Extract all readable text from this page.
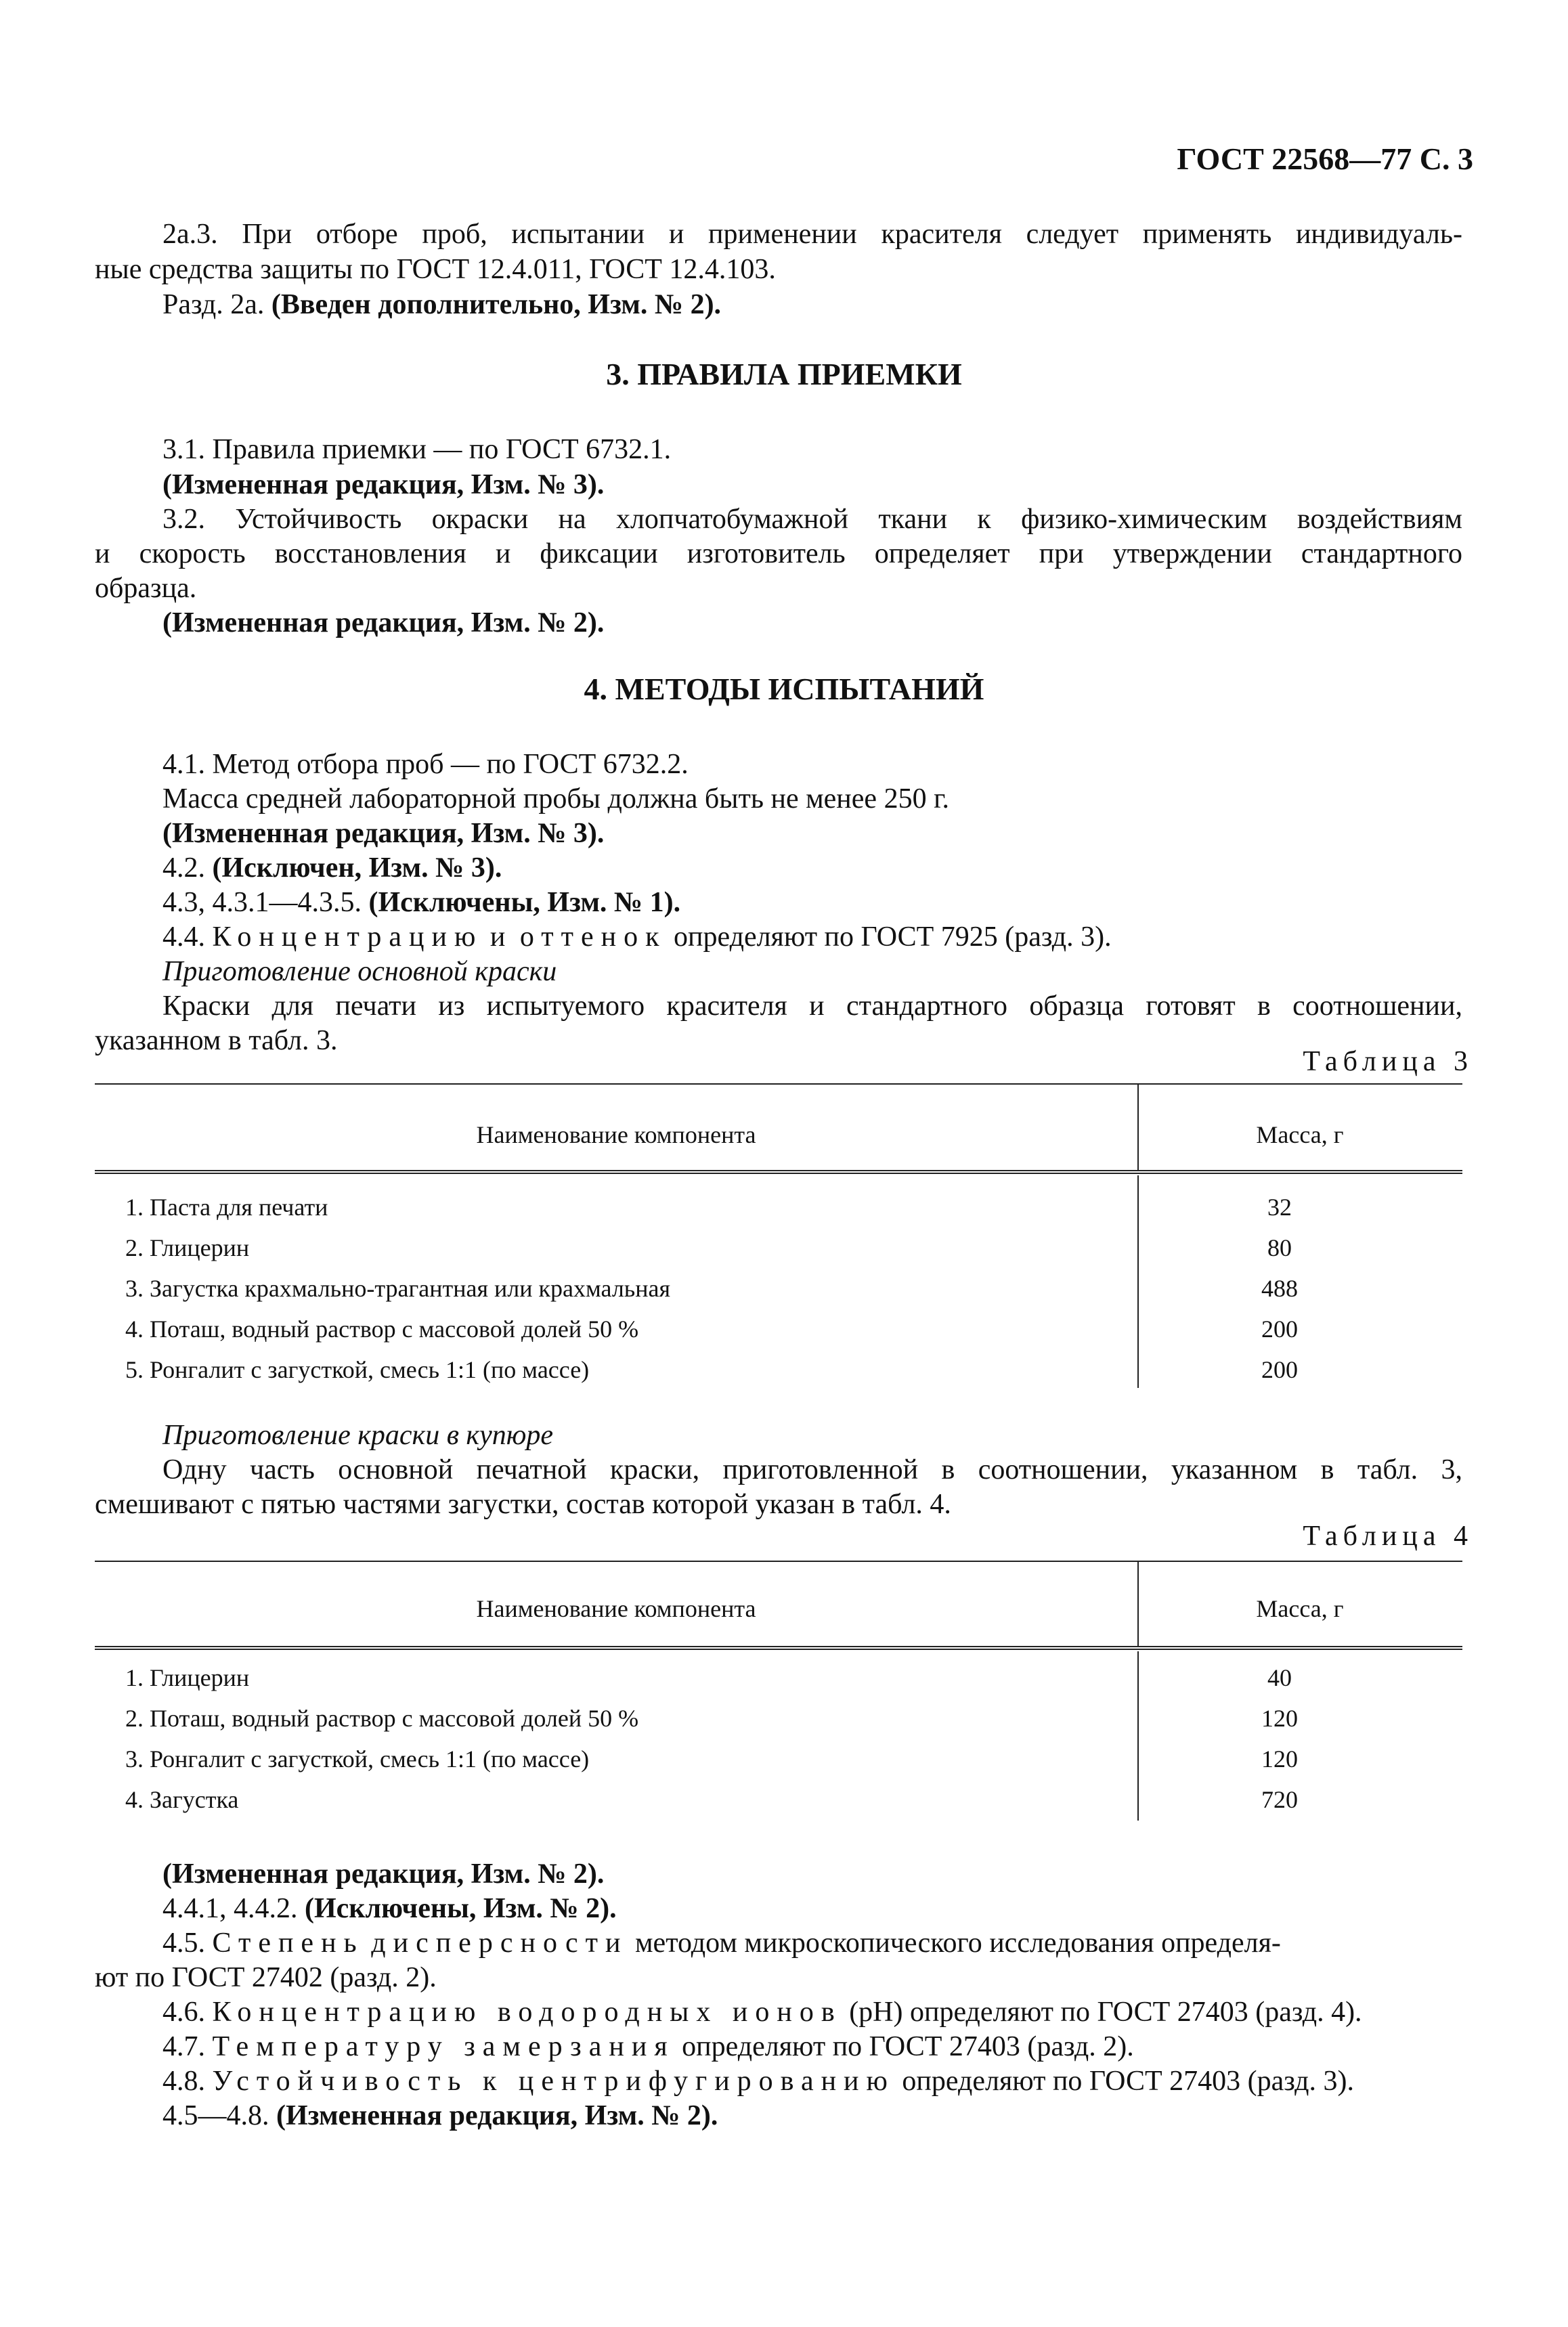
ГОСТ 22568—77 С. 3
2а.3. При отборе проб, испытании и применении красителя следует применять индивидуаль-
ные средства защиты по ГОСТ 12.4.011, ГОСТ 12.4.103.
Разд. 2а. (Введен дополнительно, Изм. № 2).
3. ПРАВИЛА ПРИЕМКИ
3.1. Правила приемки — по ГОСТ 6732.1.
(Измененная редакция, Изм. № 3).
3.2. Устойчивость окраски на хлопчатобумажной ткани к физико-химическим воздействиям
и скорость восстановления и фиксации изготовитель определяет при утверждении стандартного
образца.
(Измененная редакция, Изм. № 2).
4. МЕТОДЫ ИСПЫТАНИЙ
4.1. Метод отбора проб — по ГОСТ 6732.2.
Масса средней лабораторной пробы должна быть не менее 250 г.
(Измененная редакция, Изм. № 3).
4.2. (Исключен, Изм. № 3).
4.3, 4.3.1—4.3.5. (Исключены, Изм. № 1).
4.4. Концентрацию и оттенок определяют по ГОСТ 7925 (разд. 3).
Приготовление основной краски
Краски для печати из испытуемого красителя и стандартного образца готовят в соотношении,
указанном в табл. 3.
Таблица 3
Наименование компонента	Масса, г
1. Паста для печати	32
2. Глицерин	80
3. Загустка крахмально-трагантная или крахмальная	488
4. Поташ, водный раствор с массовой долей 50 %	200
5. Ронгалит с загусткой, смесь 1:1 (по массе)	200
Приготовление краски в купюре
Одну часть основной печатной краски, приготовленной в соотношении, указанном в табл. 3,
смешивают с пятью частями загустки, состав которой указан в табл. 4.
Таблица 4
Наименование компонента	Масса, г
1. Глицерин	40
2. Поташ, водный раствор с массовой долей 50 %	120
3. Ронгалит с загусткой, смесь 1:1 (по массе)	120
4. Загустка	720
(Измененная редакция, Изм. № 2).
4.4.1, 4.4.2. (Исключены, Изм. № 2).
4.5. Степень дисперсности методом микроскопического исследования определя-
ют по ГОСТ 27402 (разд. 2).
4.6. Концентрацию водородных ионов (pH) определяют по ГОСТ 27403 (разд. 4).
4.7. Температуру замерзания определяют по ГОСТ 27403 (разд. 2).
4.8. Устойчивость к центрифугированию определяют по ГОСТ 27403 (разд. 3).
4.5—4.8. (Измененная редакция, Изм. № 2).
